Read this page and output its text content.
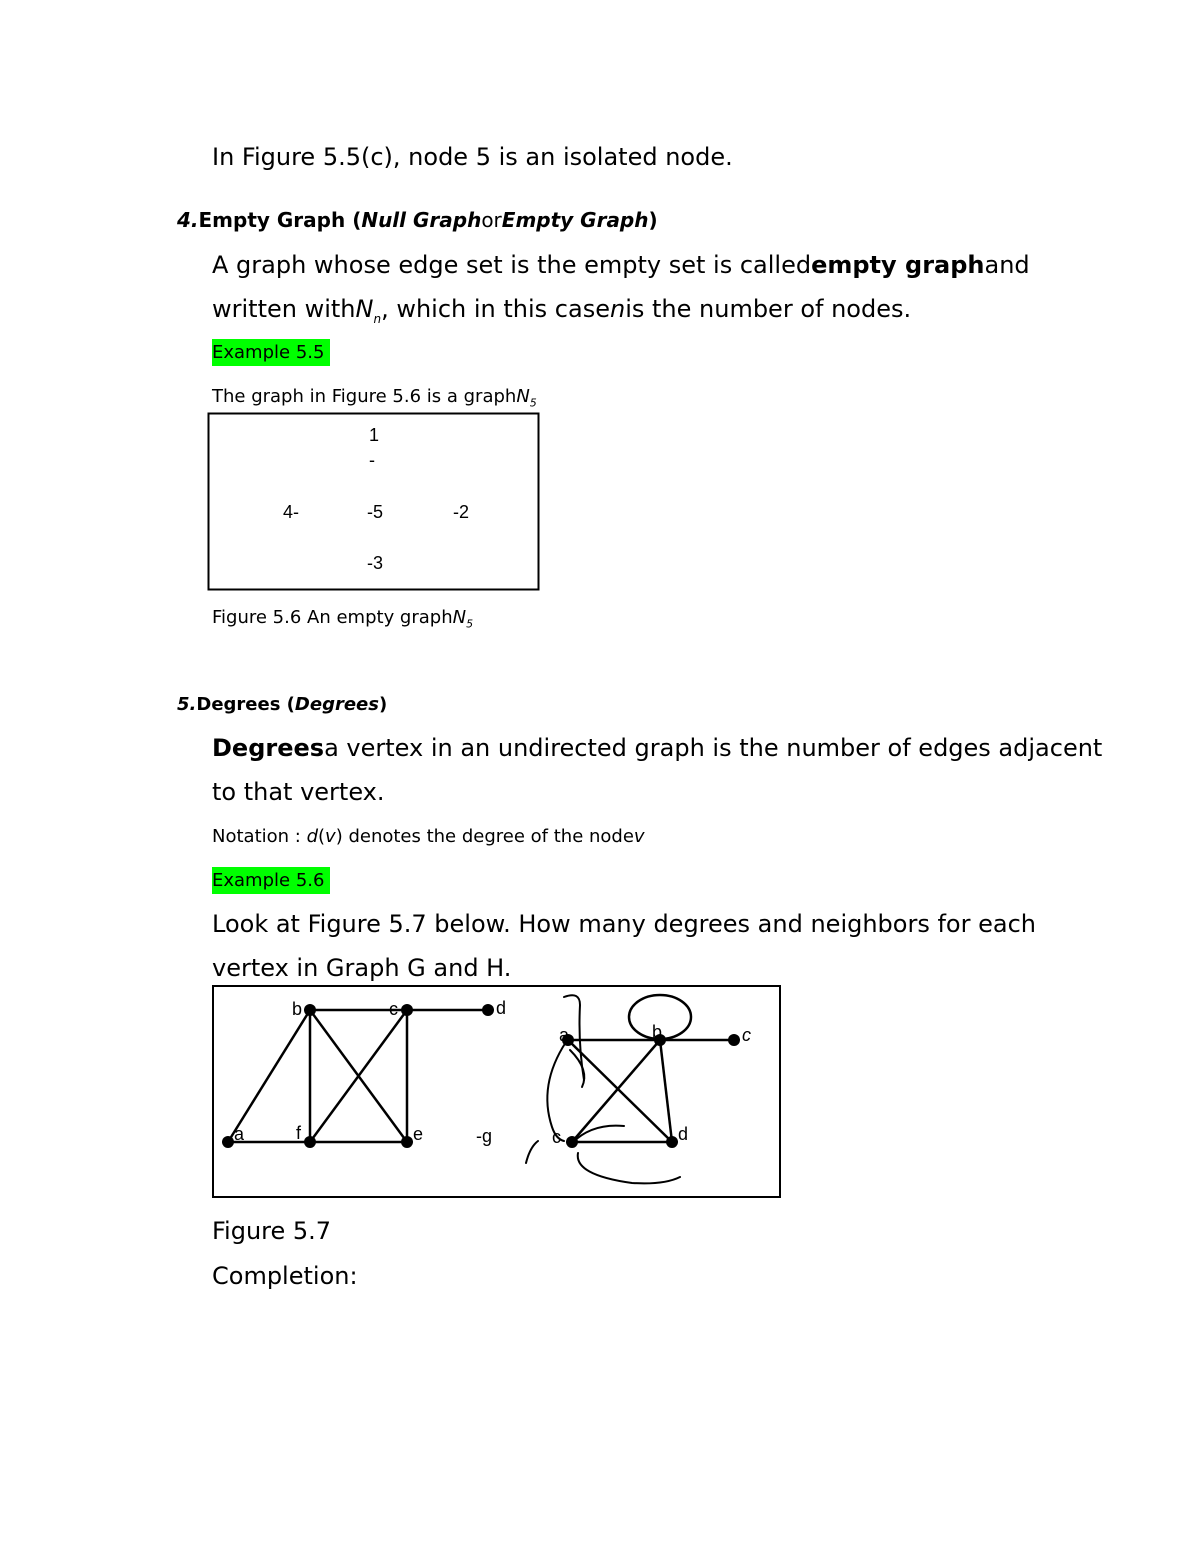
In Figure 5.5(c), node 5 is an isolated node.
4.Empty Graph (Null GraphorEmpty Graph)
A graph whose edge set is the empty set is calledempty graphand
written withN$_n$, which in this casenis the number of nodes.
Example 5.5
The graph in Figure 5.6 is a graphN$_5$
1
-
4-	-5	-2
-3
Figure 5.6 An empty graphN$_5$
5.Degrees (Degrees)
Degreesa vertex in an undirected graph is the number of edges adjacent
to that vertex.
Notation : d(v) denotes the degree of the nodev
Example 5.6
Look at Figure 5.7 below. How many degrees and neighbors for each
vertex in Graph G and H.
b	c	d
a	f	e	-g
a	b	c
c	d
Figure 5.7
Completion:
